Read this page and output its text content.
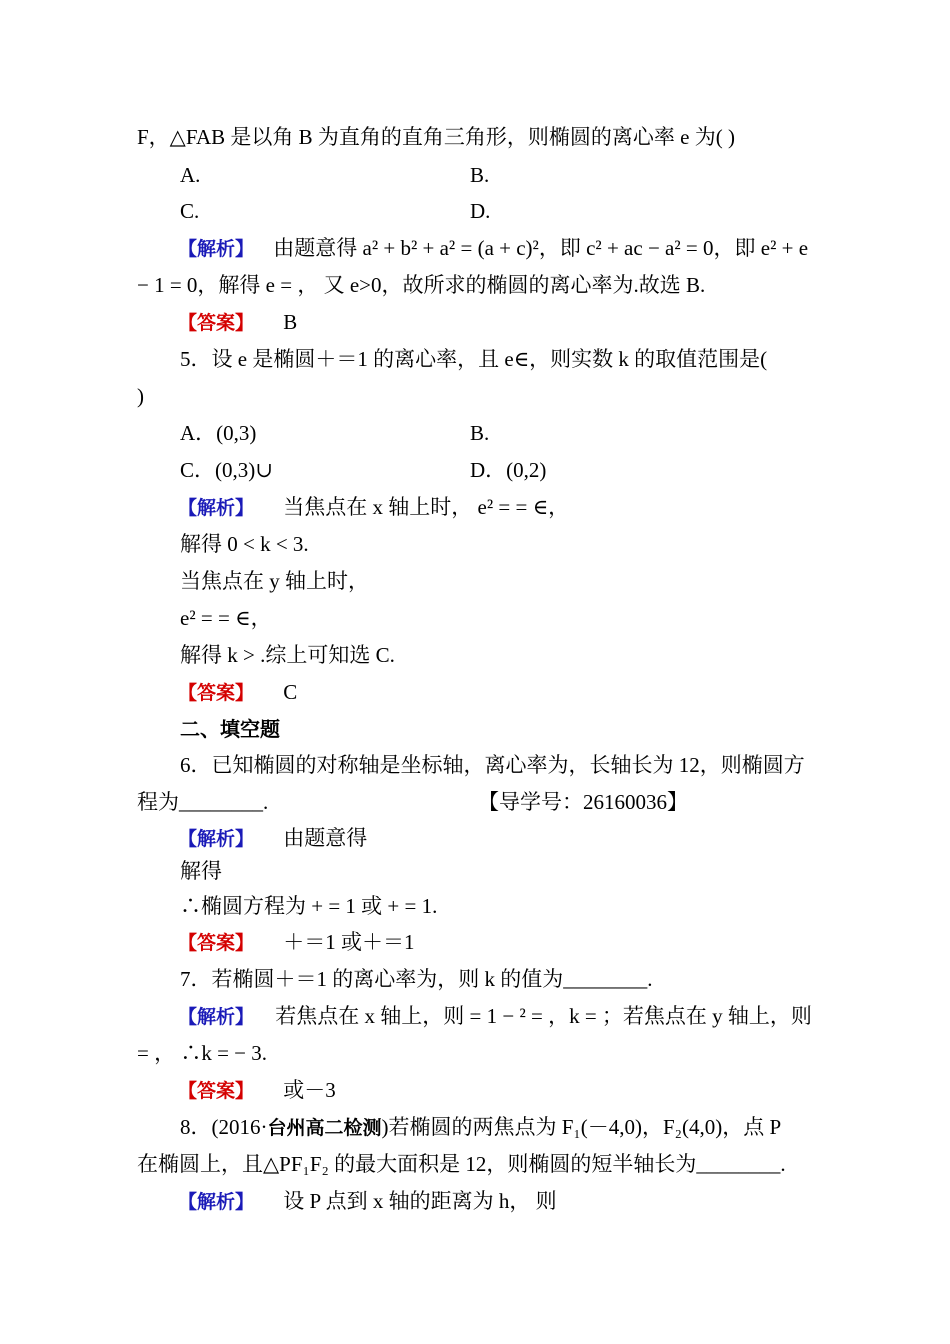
F，△FAB 是以角 B 为直角的直角三角形，则椭圆的离心率 e 为( )
A.	B.
C.	D.
【解析】 由题意得 a² + b² + a² = (a + c)²，即 c² + ac − a² = 0，即 e² + e
− 1 = 0，解得 e = ， 又 e>0，故所求的椭圆的离心率为.故选 B.
【答案】 B
5．设 e 是椭圆＋＝1 的离心率，且 e∈，则实数 k 的取值范围是(
)
A．(0,3)	B.
C．(0,3)∪	D．(0,2)
【解析】 当焦点在 x 轴上时， e² = = ∈，
解得 0 < k < 3.
当焦点在 y 轴上时，
e² = = ∈，
解得 k > .综上可知选 C.
【答案】 C
二、填空题
6．已知椭圆的对称轴是坐标轴，离心率为，长轴长为 12，则椭圆方
程为________.	【导学号：26160036】
【解析】 由题意得
解得
∴椭圆方程为 + = 1 或 + = 1.
【答案】 ＋＝1 或＋＝1
7．若椭圆＋＝1 的离心率为，则 k 的值为________.
【解析】 若焦点在 x 轴上，则 = 1 − ² = ，k = ；若焦点在 y 轴上，则
= ， ∴k = − 3.
【答案】 或－3
8．(2016·台州高二检测)若椭圆的两焦点为 F₁(－4,0)，F₂(4,0)，点 P
在椭圆上，且△PF₁F₂ 的最大面积是 12，则椭圆的短半轴长为________.
【解析】 设 P 点到 x 轴的距离为 h， 则
